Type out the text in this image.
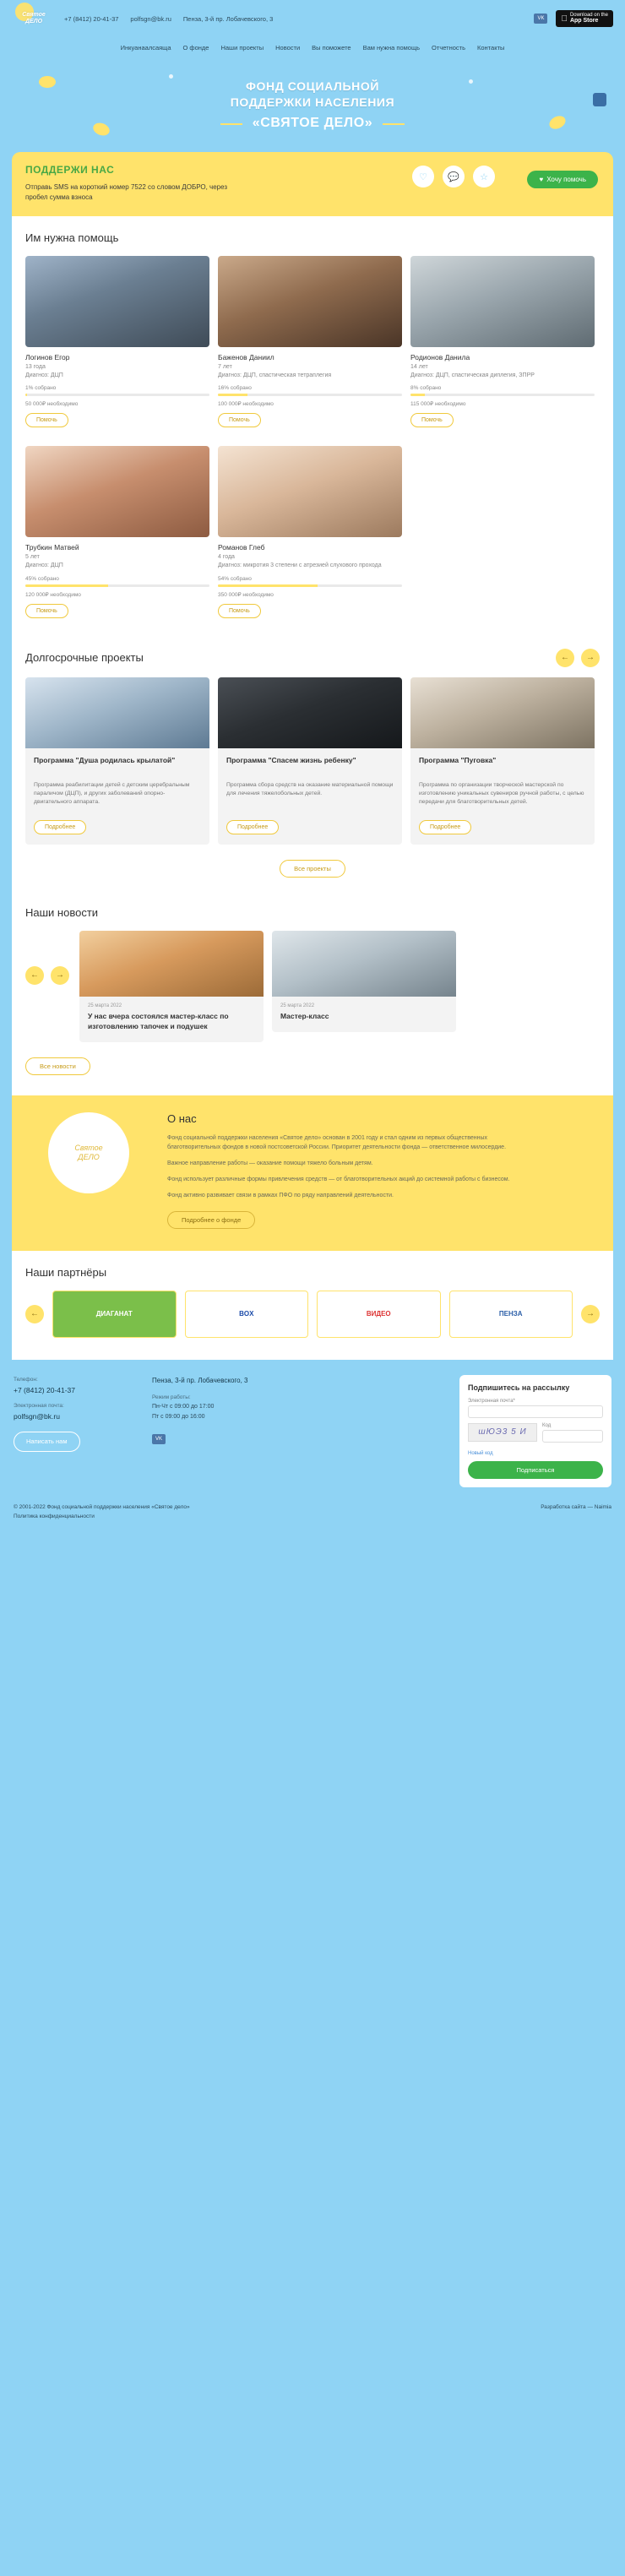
Святое
ДЕЛО	+7 (8412) 20-41-37 polfsgn@bk.ru Пенза, 3-й пр. Лобачевского, 3	VK
Download on the
App Store
Инкуанаалсаяща О фонде Наши проекты Новости Вы поможете Вам нужна помощь Отчетность Контакты
ФОНД СОЦИАЛЬНОЙ
ПОДДЕРЖКИ НАСЕЛЕНИЯ
«СВЯТОЕ ДЕЛО»
ПОДДЕРЖИ НАС

Отправь SMS на короткий номер 7522 со словом ДОБРО, через пробел сумма взноса

♡	💬	☆	♥ Хочу помочь
Им нужна помощь
Логинов Егор
13 года
Диагноз: ДЦП
1% собрано
50 000₽ необходимо
Помочь
Баженов Даниил
7 лет
Диагноз: ДЦП, спастическая тетраплегия
16% собрано
100 000₽ необходимо
Помочь
Родионов Данила
14 лет
Диагноз: ДЦП, спастическая диплегия, ЗПРР
8% собрано
115 000₽ необходимо
Помочь
Трубкин Матвей
5 лет
Диагноз: ДЦП
45% собрано
120 000₽ необходимо
Помочь
Романов Глеб
4 года
Диагноз: микротия 3 степени с атрезией слухового прохода
54% собрано
350 000₽ необходимо
Помочь
Долгосрочные проекты	←	→
Программа "Душа родилась крылатой"
Программа реабилитации детей с детским церебральным параличом (ДЦП), и других заболеваний опорно-двигательного аппарата.
Подробнее
Программа "Спасем жизнь ребенку"
Программа сбора средств на оказание материальной помощи для лечения тяжелобольных детей.
Подробнее
Программа "Пуговка"
Программа по организации творческой мастерской по изготовлению уникальных сувениров ручной работы, с целью передачи для благотворительных детей.
Подробнее
Все проекты
Наши новости
←	→
25 марта 2022
У нас вчера состоялся мастер-класс по изготовлению тапочек и подушек
25 марта 2022
Мастер-класс
Все новости
Святое
ДЕЛО
О нас

Фонд социальной поддержки населения «Святое дело» основан в 2001 году и стал одним из первых общественных благотворительных фондов в новой постсоветской России. Приоритет деятельности фонда — ответственное милосердие.

Важное направление работы — оказание помощи тяжело больным детям.

Фонд использует различные формы привлечения средств — от благотворительных акций до системной работы с бизнесом.

Фонд активно развивает связи в рамках ПФО по ряду направлений деятельности.

Подробнее о фонде
Наши партнёры
←	ДИАГАНАТ	BOX	ВИДЕО	ПЕНЗА	→
Телефон:
+7 (8412) 20-41-37
Электронная почта:
polfsgn@bk.ru
Написать нам
Пенза, 3-й пр. Лобачевского, 3
Режим работы:
Пн-Чт с 09:00 до 17:00
Пт с 09:00 до 16:00
VK
Подпишитесь на рассылку
Электронная почта*
шЮЭ3 5 И
Код
Новый код
Подписаться
Разработка сайта — Naimia
© 2001-2022 Фонд социальной поддержки населения «Святое дело»
Политика конфиденциальности
